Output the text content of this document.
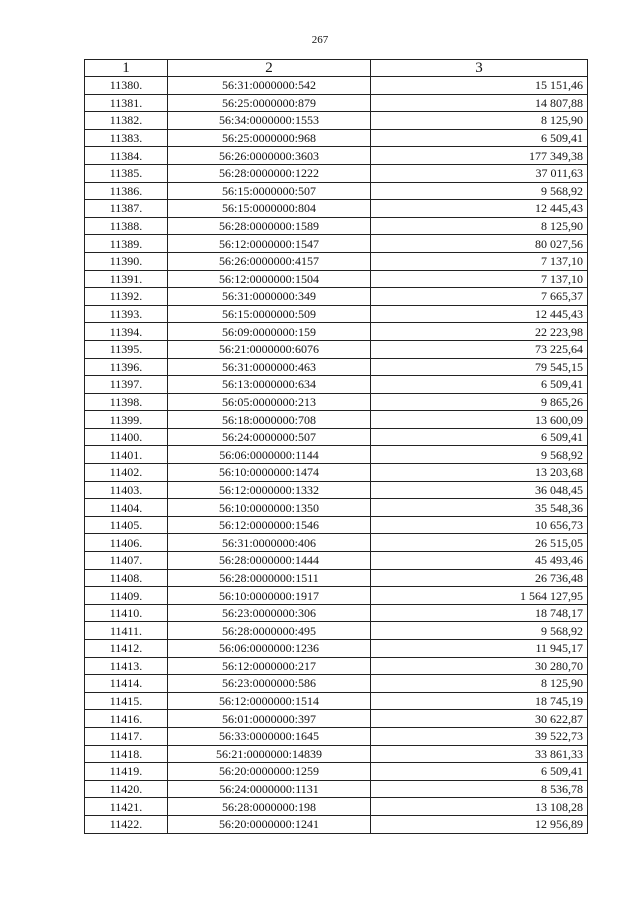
267
1	2	3
11380.	56:31:0000000:542	15 151,46
11381.	56:25:0000000:879	14 807,88
11382.	56:34:0000000:1553	8 125,90
11383.	56:25:0000000:968	6 509,41
11384.	56:26:0000000:3603	177 349,38
11385.	56:28:0000000:1222	37 011,63
11386.	56:15:0000000:507	9 568,92
11387.	56:15:0000000:804	12 445,43
11388.	56:28:0000000:1589	8 125,90
11389.	56:12:0000000:1547	80 027,56
11390.	56:26:0000000:4157	7 137,10
11391.	56:12:0000000:1504	7 137,10
11392.	56:31:0000000:349	7 665,37
11393.	56:15:0000000:509	12 445,43
11394.	56:09:0000000:159	22 223,98
11395.	56:21:0000000:6076	73 225,64
11396.	56:31:0000000:463	79 545,15
11397.	56:13:0000000:634	6 509,41
11398.	56:05:0000000:213	9 865,26
11399.	56:18:0000000:708	13 600,09
11400.	56:24:0000000:507	6 509,41
11401.	56:06:0000000:1144	9 568,92
11402.	56:10:0000000:1474	13 203,68
11403.	56:12:0000000:1332	36 048,45
11404.	56:10:0000000:1350	35 548,36
11405.	56:12:0000000:1546	10 656,73
11406.	56:31:0000000:406	26 515,05
11407.	56:28:0000000:1444	45 493,46
11408.	56:28:0000000:1511	26 736,48
11409.	56:10:0000000:1917	1 564 127,95
11410.	56:23:0000000:306	18 748,17
11411.	56:28:0000000:495	9 568,92
11412.	56:06:0000000:1236	11 945,17
11413.	56:12:0000000:217	30 280,70
11414.	56:23:0000000:586	8 125,90
11415.	56:12:0000000:1514	18 745,19
11416.	56:01:0000000:397	30 622,87
11417.	56:33:0000000:1645	39 522,73
11418.	56:21:0000000:14839	33 861,33
11419.	56:20:0000000:1259	6 509,41
11420.	56:24:0000000:1131	8 536,78
11421.	56:28:0000000:198	13 108,28
11422.	56:20:0000000:1241	12 956,89
